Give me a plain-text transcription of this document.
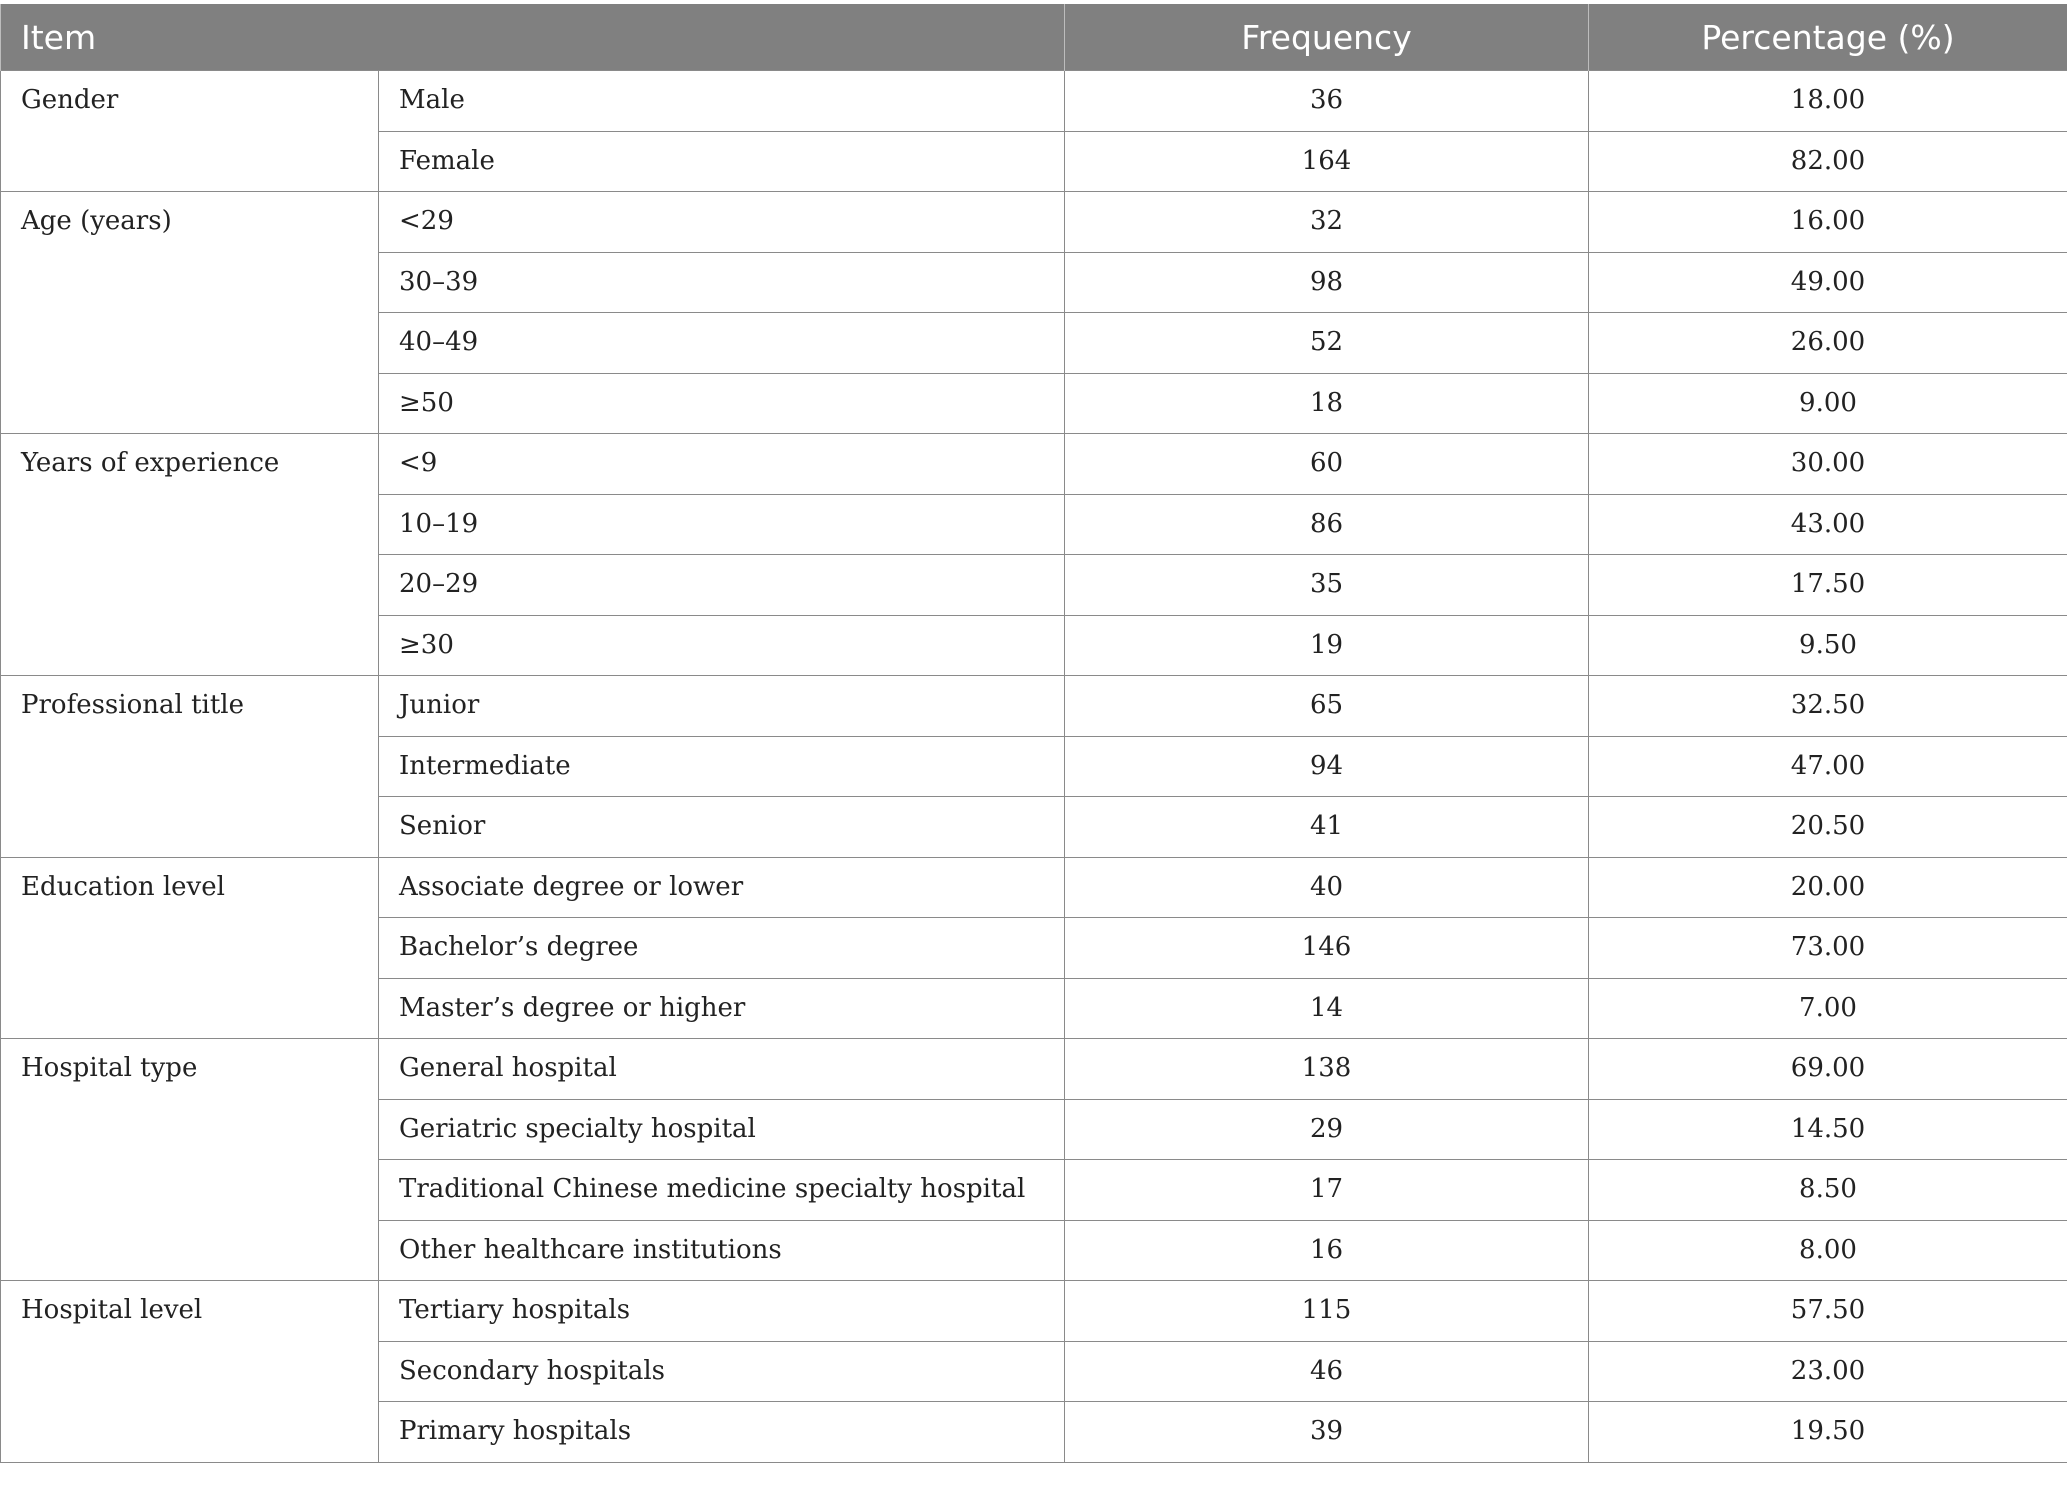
Item		Frequency	Percentage (%)
Gender	Male	36	18.00
	Female	164	82.00
Age (years)	<29	32	16.00
	30–39	98	49.00
	40–49	52	26.00
	≥50	18	9.00
Years of experience	<9	60	30.00
	10–19	86	43.00
	20–29	35	17.50
	≥30	19	9.50
Professional title	Junior	65	32.50
	Intermediate	94	47.00
	Senior	41	20.50
Education level	Associate degree or lower	40	20.00
	Bachelor’s degree	146	73.00
	Master’s degree or higher	14	7.00
Hospital type	General hospital	138	69.00
	Geriatric specialty hospital	29	14.50
	Traditional Chinese medicine specialty hospital	17	8.50
	Other healthcare institutions	16	8.00
Hospital level	Tertiary hospitals	115	57.50
	Secondary hospitals	46	23.00
	Primary hospitals	39	19.50
